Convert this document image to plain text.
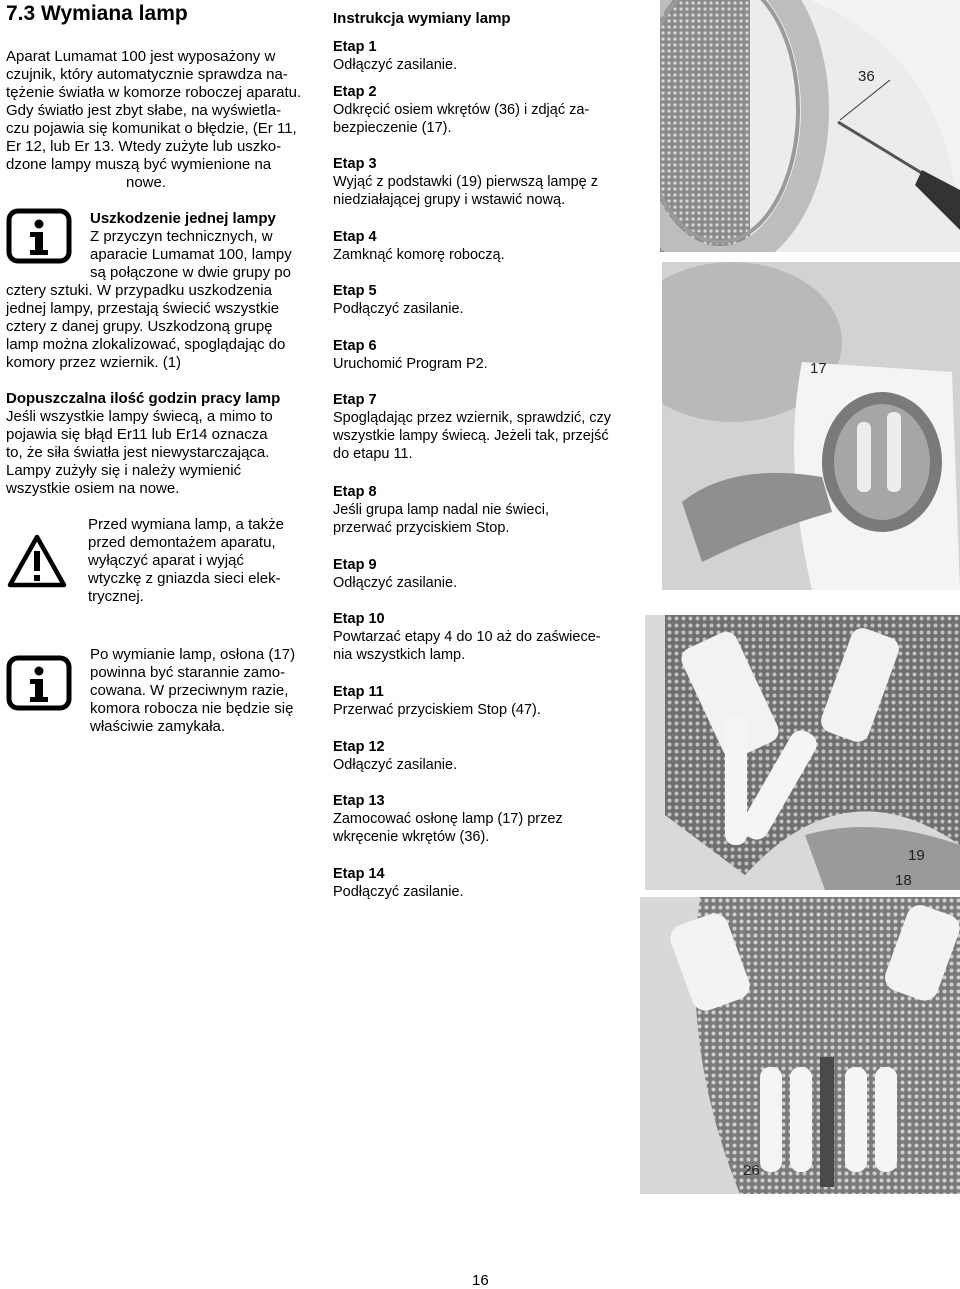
7.3 Wymiana lamp
Aparat Lumamat 100 jest wyposażony w
czujnik, który automatycznie sprawdza na-
tężenie światła w komorze roboczej aparatu.
Gdy światło jest zbyt słabe, na wyświetla-
czu pojawia się komunikat o błędzie, (Er 11,
Er 12, lub Er 13. Wtedy zużyte lub uszko-
dzone lampy muszą być wymienione na
nowe.
Uszkodzenie jednej lampy
Z przyczyn technicznych, w
aparacie Lumamat 100, lampy
są połączone w dwie grupy po
cztery sztuki. W przypadku uszkodzenia
jednej lampy, przestają świecić wszystkie
cztery z danej grupy. Uszkodzoną grupę
lamp można zlokalizować, spoglądając do
komory przez wziernik. (1)
Dopuszczalna ilość godzin pracy lamp
Jeśli wszystkie lampy świecą, a mimo to
pojawia się błąd Er11 lub Er14 oznacza
to, że siła światła jest niewystarczająca.
Lampy zużyły się i należy wymienić
wszystkie osiem na nowe.
Przed wymiana lamp, a także
przed demontażem aparatu,
wyłączyć aparat i wyjąć
wtyczkę z gniazda sieci elek-
trycznej.
Po wymianie lamp, osłona (17)
powinna być starannie zamo-
cowana. W przeciwnym razie,
komora robocza nie będzie się
właściwie zamykała.
Instrukcja wymiany lamp
Etap 1
Odłączyć zasilanie.
Etap 2
Odkręcić osiem wkrętów (36) i zdjąć za-
bezpieczenie (17).
Etap 3
Wyjąć z podstawki (19) pierwszą lampę z
niedziałającej grupy i wstawić nową.
Etap 4
Zamknąć komorę roboczą.
Etap 5
Podłączyć zasilanie.
Etap 6
Uruchomić Program P2.
Etap 7
Spoglądając przez wziernik, sprawdzić, czy
wszystkie lampy świecą. Jeżeli tak, przejść
do etapu 11.
Etap 8
Jeśli grupa lamp nadal nie świeci,
przerwać przyciskiem Stop.
Etap 9
Odłączyć zasilanie.
Etap 10
Powtarzać etapy 4 do 10 aż do zaświece-
nia wszystkich lamp.
Etap 11
Przerwać przyciskiem Stop (47).
Etap 12
Odłączyć zasilanie.
Etap 13
Zamocować osłonę lamp (17) przez
wkręcenie wkrętów (36).
Etap 14
Podłączyć zasilanie.
36
17
19
18
26
16
